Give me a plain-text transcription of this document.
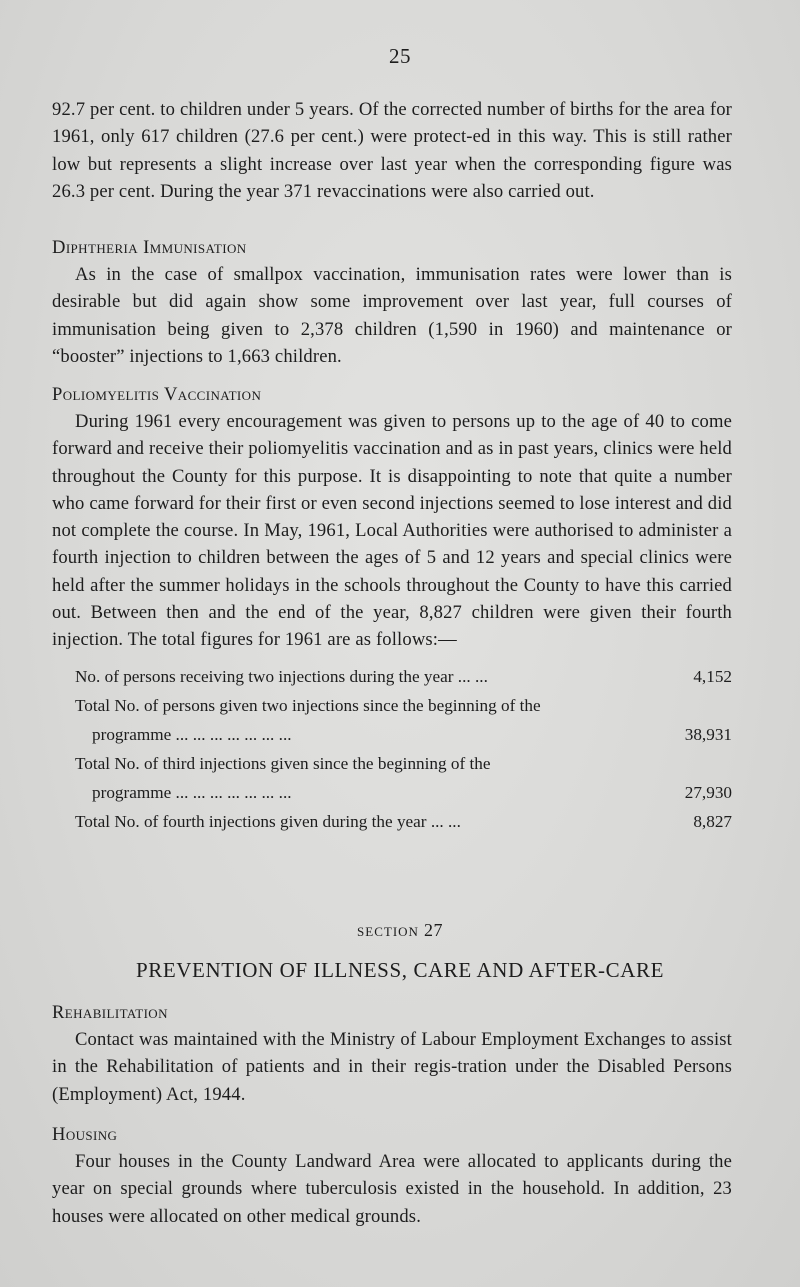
25

92.7 per cent. to children under 5 years. Of the corrected number of births for the area for 1961, only 617 children (27.6 per cent.) were protect-ed in this way. This is still rather low but represents a slight increase over last year when the corresponding figure was 26.3 per cent. During the year 371 revaccinations were also carried out.

Diphtheria Immunisation

As in the case of smallpox vaccination, immunisation rates were lower than is desirable but did again show some improvement over last year, full courses of immunisation being given to 2,378 children (1,590 in 1960) and maintenance or “booster” injections to 1,663 children.

Poliomyelitis Vaccination

During 1961 every encouragement was given to persons up to the age of 40 to come forward and receive their poliomyelitis vaccination and as in past years, clinics were held throughout the County for this purpose. It is disappointing to note that quite a number who came forward for their first or even second injections seemed to lose interest and did not complete the course. In May, 1961, Local Authorities were authorised to administer a fourth injection to children between the ages of 5 and 12 years and special clinics were held after the summer holidays in the schools throughout the County to have this carried out. Between then and the end of the year, 8,827 children were given their fourth injection. The total figures for 1961 are as follows:—

No. of persons receiving two injections during the year ... ...	4,152
Total No. of persons given two injections since the beginning of the
programme ... ... ... ... ... ... ...	38,931
Total No. of third injections given since the beginning of the
programme ... ... ... ... ... ... ...	27,930
Total No. of fourth injections given during the year ... ...	8,827
section 27
PREVENTION OF ILLNESS, CARE AND AFTER-CARE
Rehabilitation

Contact was maintained with the Ministry of Labour Employment Exchanges to assist in the Rehabilitation of patients and in their regis-tration under the Disabled Persons (Employment) Act, 1944.

Housing

Four houses in the County Landward Area were allocated to applicants during the year on special grounds where tuberculosis existed in the household. In addition, 23 houses were allocated on other medical grounds.
